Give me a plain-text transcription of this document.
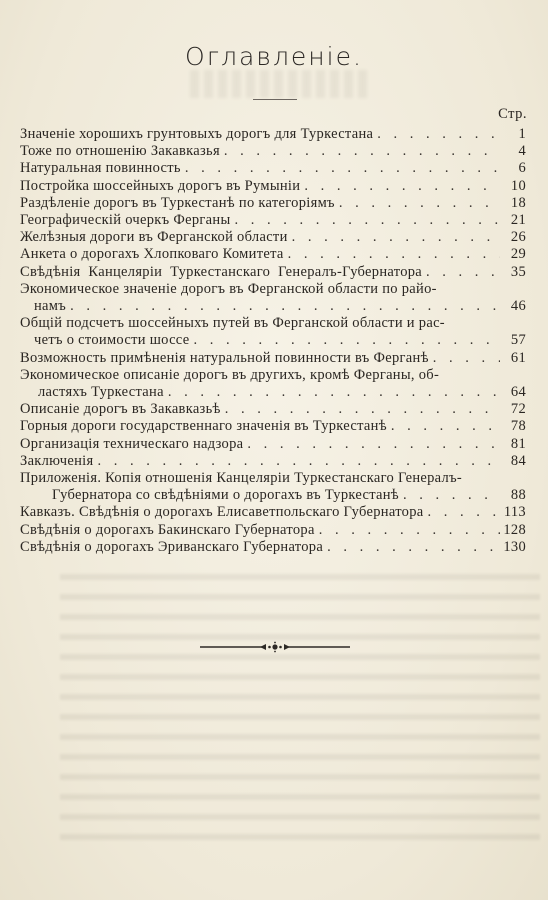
Оглавленіе.
Стр.
Значеніе хорошихъ грунтовыхъ дорогъ для Туркестана . . .	1
Тоже по отношенію Закавказья . . .	4
Натуральная повинность . . .	6
Постройка шоссейныхъ дорогъ въ Румыніи . . .	10
Раздѣленіе дорогъ въ Туркестанѣ по категоріямъ . . .	18
Географическій очеркъ Ферганы . . .	21
Желѣзныя дороги въ Ферганской области . . .	26
Анкета о дорогахъ Хлопковаго Комитета . . .	29
Свѣдѣнія Канцеляріи Туркестанскаго Генералъ-Губернатора . . .	35
Экономическое значеніе дорогъ въ Ферганской области по райо-
намъ . . .	46
Общій подсчетъ шоссейныхъ путей въ Ферганской области и рас-
четъ о стоимости шоссе . . .	57
Возможность примѣненія натуральной повинности въ Ферганѣ . . .	61
Экономическое описаніе дорогъ въ другихъ, кромѣ Ферганы, об-
ластяхъ Туркестана . . .	64
Описаніе дорогъ въ Закавказьѣ . . .	72
Горныя дороги государственнаго значенія въ Туркестанѣ . . .	78
Организація техническаго надзора . . .	81
Заключенія . . .	84
Приложенія. Копія отношенія Канцеляріи Туркестанскаго Генералъ-
Губернатора со свѣдѣніями о дорогахъ въ Туркестанѣ . . .	88
Кавказъ. Свѣдѣнія о дорогахъ Елисаветпольскаго Губернатора . . .	113
Свѣдѣнія о дорогахъ Бакинскаго Губернатора . . .	128
Свѣдѣнія о дорогахъ Эриванскаго Губернатора . . .	130
